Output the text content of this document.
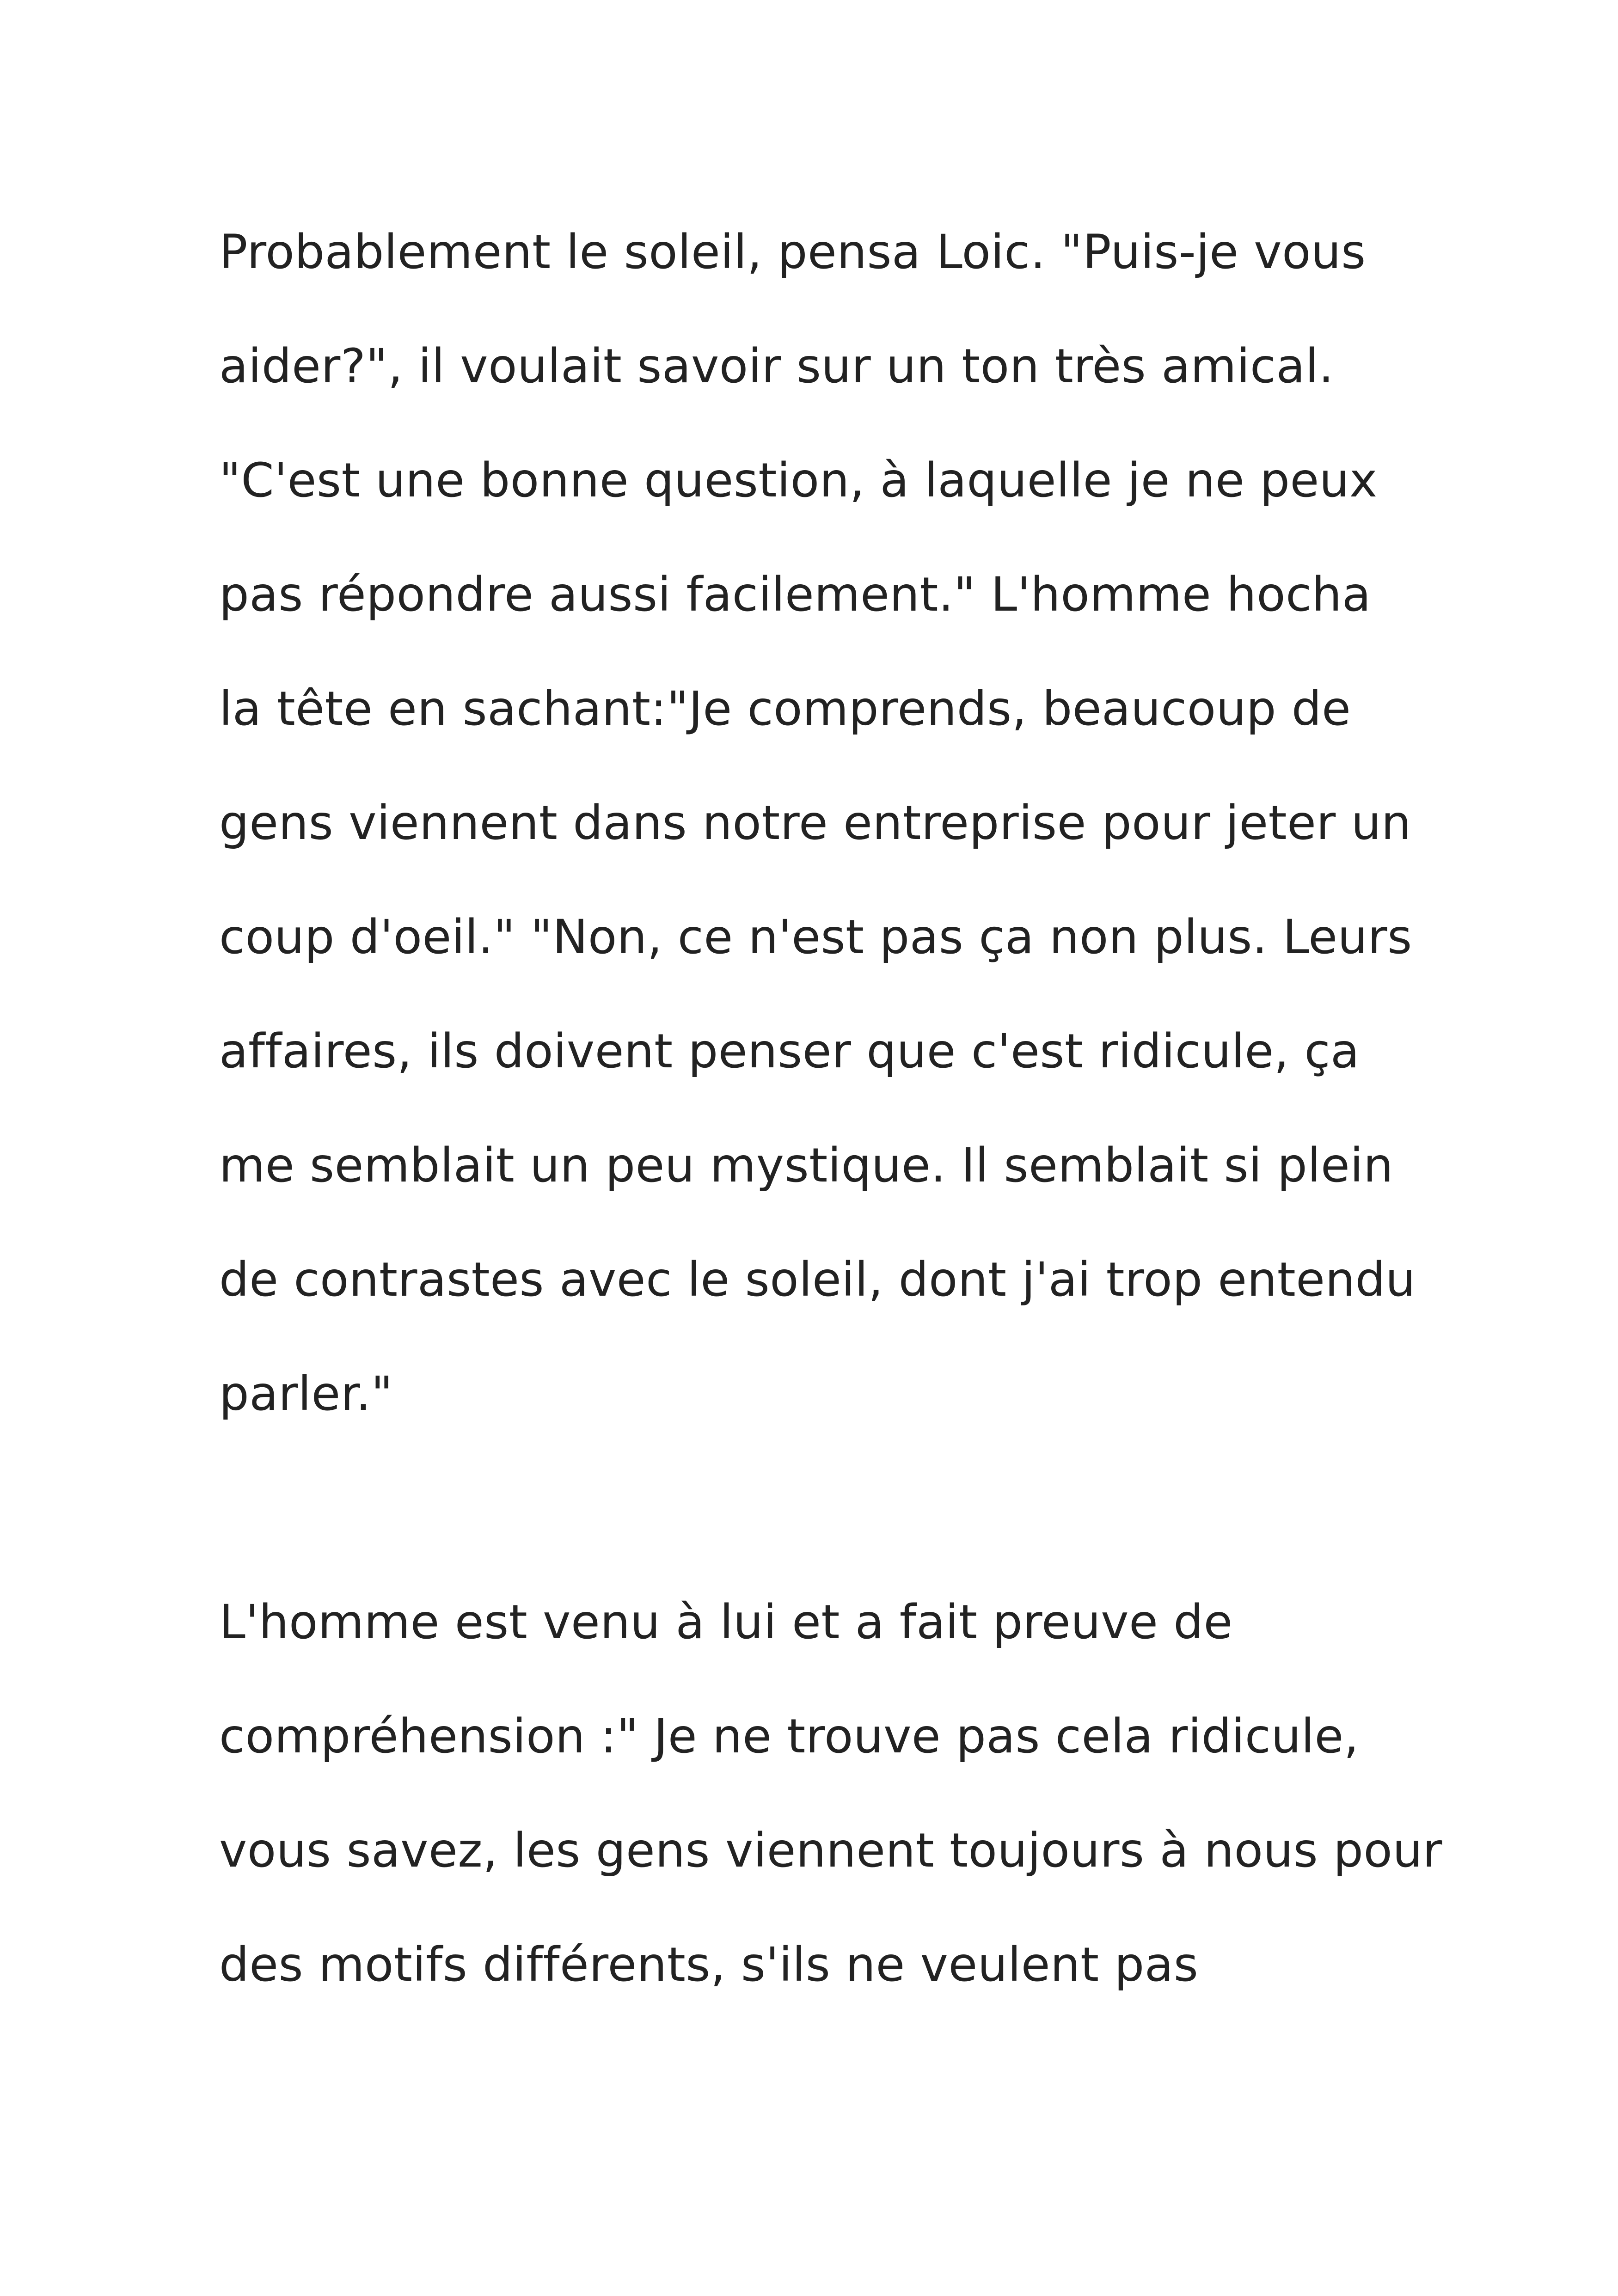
Probablement le soleil, pensa Loic. "Puis-je vous
aider?", il voulait savoir sur un ton très amical.
"C'est une bonne question, à laquelle je ne peux
pas répondre aussi facilement." L'homme hocha
la tête en sachant:"Je comprends, beaucoup de
gens viennent dans notre entreprise pour jeter un
coup d'oeil." "Non, ce n'est pas ça non plus. Leurs
affaires, ils doivent penser que c'est ridicule, ça
me semblait un peu mystique. Il semblait si plein
de contrastes avec le soleil, dont j'ai trop entendu
parler."
L'homme est venu à lui et a fait preuve de
compréhension :" Je ne trouve pas cela ridicule,
vous savez, les gens viennent toujours à nous pour
des motifs différents, s'ils ne veulent pas
